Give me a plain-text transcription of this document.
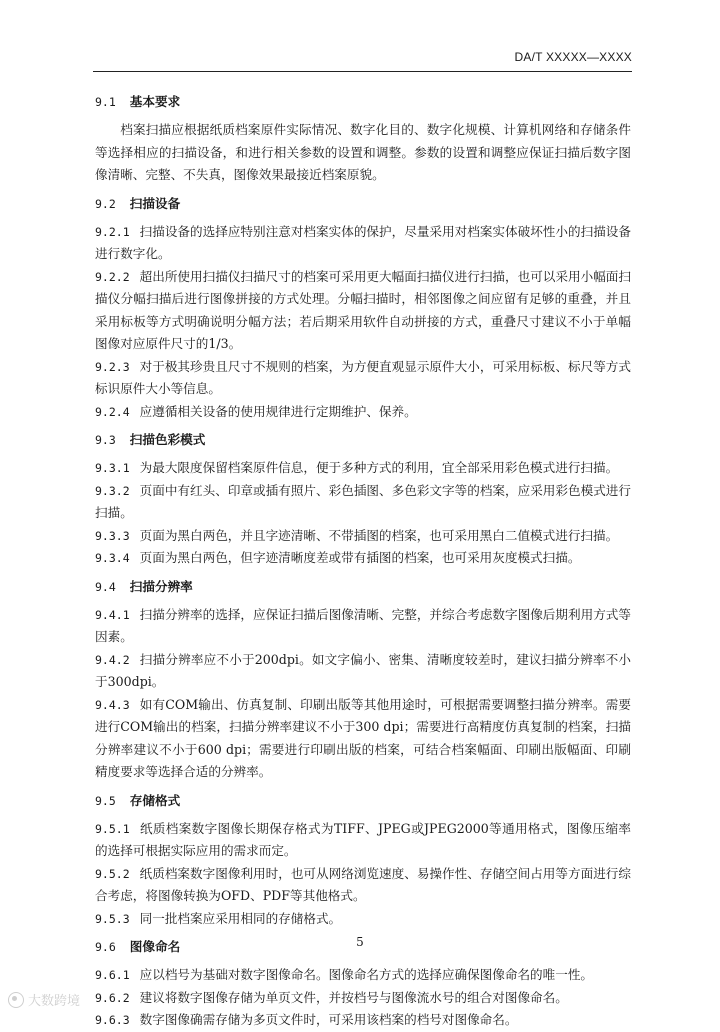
DA/T XXXXX—XXXX
9.1 基本要求

档案扫描应根据纸质档案原件实际情况、数字化目的、数字化规模、计算机网络和存储条件等选择相应的扫描设备，和进行相关参数的设置和调整。参数的设置和调整应保证扫描后数字图像清晰、完整、不失真，图像效果最接近档案原貌。

9.2 扫描设备

9.2.1 扫描设备的选择应特别注意对档案实体的保护，尽量采用对档案实体破坏性小的扫描设备进行数字化。

9.2.2 超出所使用扫描仪扫描尺寸的档案可采用更大幅面扫描仪进行扫描，也可以采用小幅面扫描仪分幅扫描后进行图像拼接的方式处理。分幅扫描时，相邻图像之间应留有足够的重叠，并且采用标板等方式明确说明分幅方法；若后期采用软件自动拼接的方式，重叠尺寸建议不小于单幅图像对应原件尺寸的1/3。

9.2.3 对于极其珍贵且尺寸不规则的档案，为方便直观显示原件大小，可采用标板、标尺等方式标识原件大小等信息。

9.2.4 应遵循相关设备的使用规律进行定期维护、保养。

9.3 扫描色彩模式

9.3.1 为最大限度保留档案原件信息，便于多种方式的利用，宜全部采用彩色模式进行扫描。

9.3.2 页面中有红头、印章或插有照片、彩色插图、多色彩文字等的档案，应采用彩色模式进行扫描。

9.3.3 页面为黑白两色，并且字迹清晰、不带插图的档案，也可采用黑白二值模式进行扫描。

9.3.4 页面为黑白两色，但字迹清晰度差或带有插图的档案，也可采用灰度模式扫描。

9.4 扫描分辨率

9.4.1 扫描分辨率的选择，应保证扫描后图像清晰、完整，并综合考虑数字图像后期利用方式等因素。

9.4.2 扫描分辨率应不小于200dpi。如文字偏小、密集、清晰度较差时，建议扫描分辨率不小于300dpi。

9.4.3 如有COM输出、仿真复制、印刷出版等其他用途时，可根据需要调整扫描分辨率。需要进行COM输出的档案，扫描分辨率建议不小于300 dpi；需要进行高精度仿真复制的档案，扫描分辨率建议不小于600 dpi；需要进行印刷出版的档案，可结合档案幅面、印刷出版幅面、印刷精度要求等选择合适的分辨率。

9.5 存储格式

9.5.1 纸质档案数字图像长期保存格式为TIFF、JPEG或JPEG2000等通用格式，图像压缩率的选择可根据实际应用的需求而定。

9.5.2 纸质档案数字图像利用时，也可从网络浏览速度、易操作性、存储空间占用等方面进行综合考虑，将图像转换为OFD、PDF等其他格式。

9.5.3 同一批档案应采用相同的存储格式。

9.6 图像命名

9.6.1 应以档号为基础对数字图像命名。图像命名方式的选择应确保图像命名的唯一性。

9.6.2 建议将数字图像存储为单页文件，并按档号与图像流水号的组合对图像命名。

9.6.3 数字图像确需存储为多页文件时，可采用该档案的档号对图像命名。

5
大数跨境
